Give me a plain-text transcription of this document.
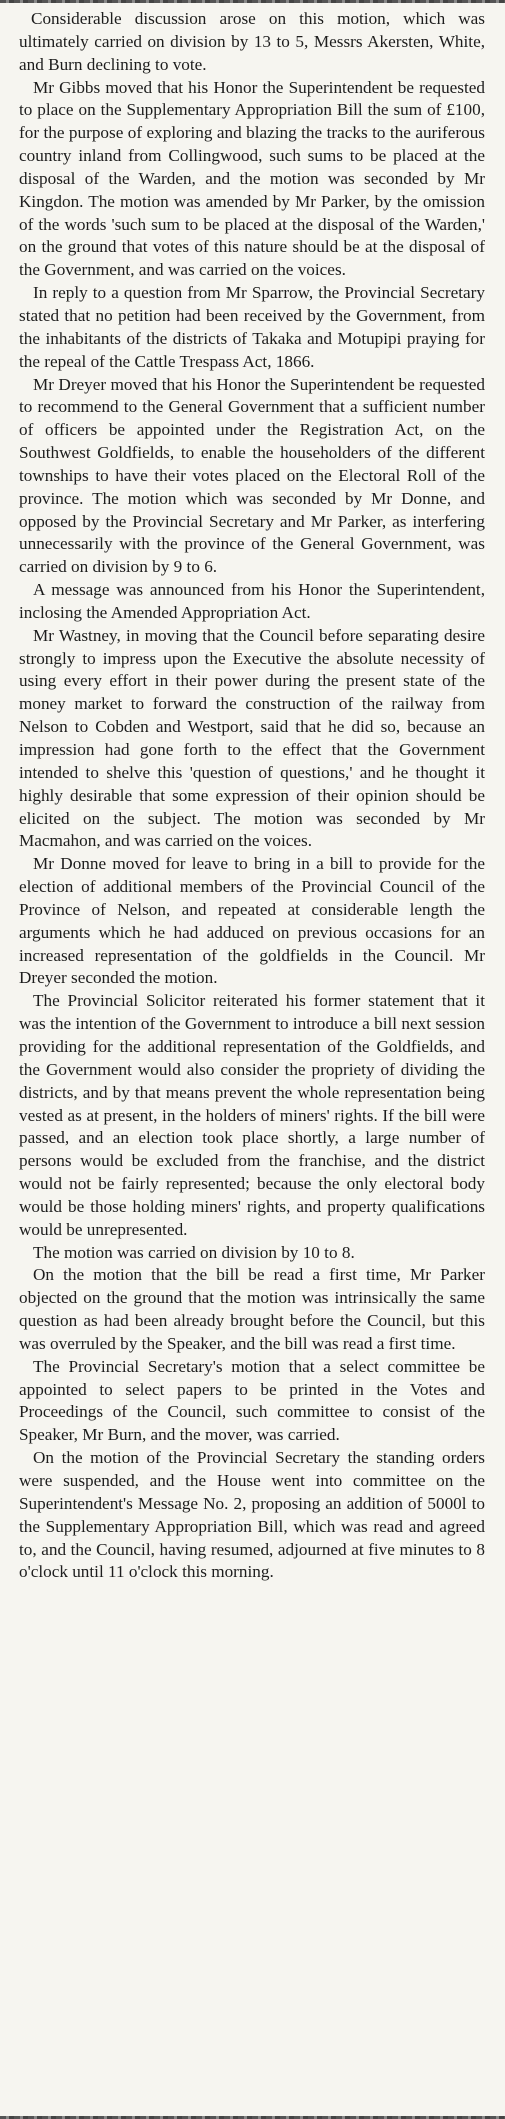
Considerable discussion arose on this motion, which was ultimately carried on division by 13 to 5, Messrs Akersten, White, and Burn declining to vote.

Mr Gibbs moved that his Honor the Superintendent be requested to place on the Supplementary Appropriation Bill the sum of £100, for the purpose of exploring and blazing the tracks to the auriferous country inland from Collingwood, such sums to be placed at the disposal of the Warden, and the motion was seconded by Mr Kingdon. The motion was amended by Mr Parker, by the omission of the words 'such sum to be placed at the disposal of the Warden,' on the ground that votes of this nature should be at the disposal of the Government, and was carried on the voices.

In reply to a question from Mr Sparrow, the Provincial Secretary stated that no petition had been received by the Government, from the inhabitants of the districts of Takaka and Motupipi praying for the repeal of the Cattle Trespass Act, 1866.

Mr Dreyer moved that his Honor the Superintendent be requested to recommend to the General Government that a sufficient number of officers be appointed under the Registration Act, on the Southwest Goldfields, to enable the householders of the different townships to have their votes placed on the Electoral Roll of the province. The motion which was seconded by Mr Donne, and opposed by the Provincial Secretary and Mr Parker, as interfering unnecessarily with the province of the General Government, was carried on division by 9 to 6.

A message was announced from his Honor the Superintendent, inclosing the Amended Appropriation Act.

Mr Wastney, in moving that the Council before separating desire strongly to impress upon the Executive the absolute necessity of using every effort in their power during the present state of the money market to forward the construction of the railway from Nelson to Cobden and Westport, said that he did so, because an impression had gone forth to the effect that the Government intended to shelve this 'question of questions,' and he thought it highly desirable that some expression of their opinion should be elicited on the subject. The motion was seconded by Mr Macmahon, and was carried on the voices.

Mr Donne moved for leave to bring in a bill to provide for the election of additional members of the Provincial Council of the Province of Nelson, and repeated at considerable length the arguments which he had adduced on previous occasions for an increased representation of the goldfields in the Council. Mr Dreyer seconded the motion.

The Provincial Solicitor reiterated his former statement that it was the intention of the Government to introduce a bill next session providing for the additional representation of the Goldfields, and the Government would also consider the propriety of dividing the districts, and by that means prevent the whole representation being vested as at present, in the holders of miners' rights. If the bill were passed, and an election took place shortly, a large number of persons would be excluded from the franchise, and the district would not be fairly represented; because the only electoral body would be those holding miners' rights, and property qualifications would be unrepresented.

The motion was carried on division by 10 to 8.

On the motion that the bill be read a first time, Mr Parker objected on the ground that the motion was intrinsically the same question as had been already brought before the Council, but this was overruled by the Speaker, and the bill was read a first time.

The Provincial Secretary's motion that a select committee be appointed to select papers to be printed in the Votes and Proceedings of the Council, such committee to consist of the Speaker, Mr Burn, and the mover, was carried.

On the motion of the Provincial Secretary the standing orders were suspended, and the House went into committee on the Superintendent's Message No. 2, proposing an addition of 5000l to the Supplementary Appropriation Bill, which was read and agreed to, and the Council, having resumed, adjourned at five minutes to 8 o'clock until 11 o'clock this morning.
